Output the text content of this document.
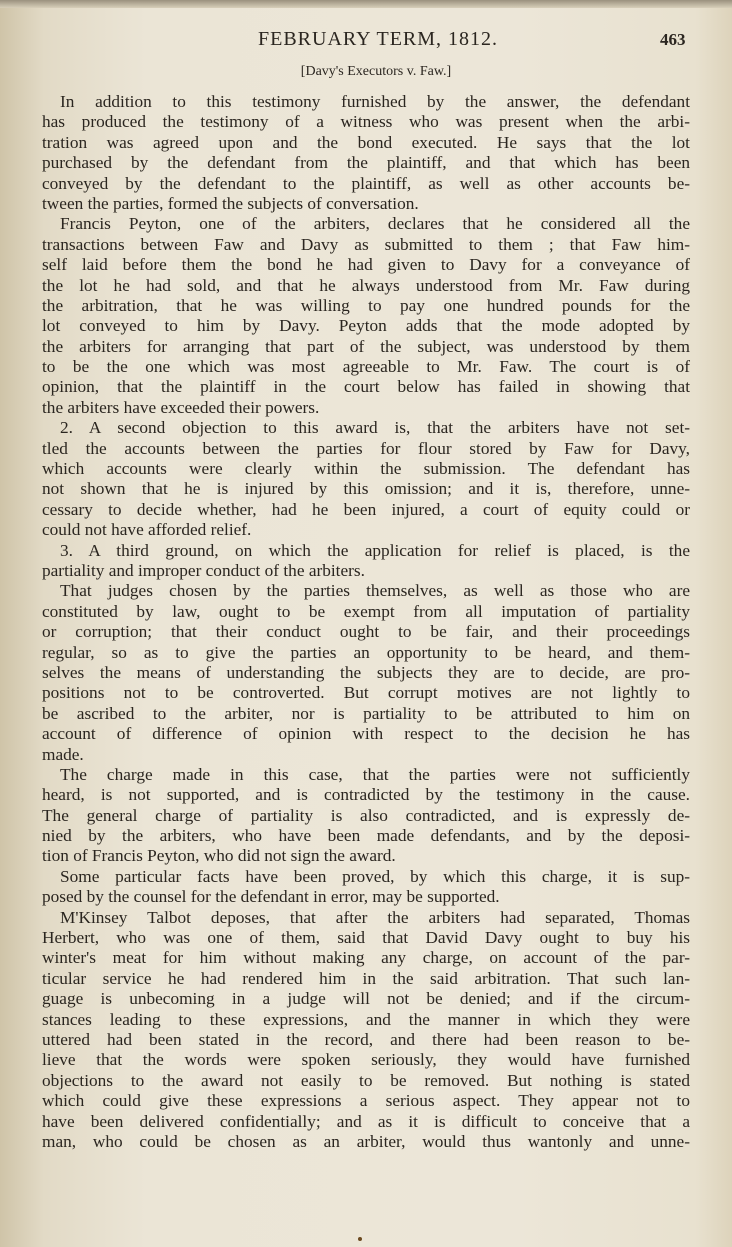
FEBRUARY TERM, 1812.	463
[Davy's Executors v. Faw.]
In addition to this testimony furnished by the answer, the defendant
has produced the testimony of a witness who was present when the arbi-
tration was agreed upon and the bond executed. He says that the lot
purchased by the defendant from the plaintiff, and that which has been
conveyed by the defendant to the plaintiff, as well as other accounts be-
tween the parties, formed the subjects of conversation.
Francis Peyton, one of the arbiters, declares that he considered all the
transactions between Faw and Davy as submitted to them ; that Faw him-
self laid before them the bond he had given to Davy for a conveyance of
the lot he had sold, and that he always understood from Mr. Faw during
the arbitration, that he was willing to pay one hundred pounds for the
lot conveyed to him by Davy. Peyton adds that the mode adopted by
the arbiters for arranging that part of the subject, was understood by them
to be the one which was most agreeable to Mr. Faw. The court is of
opinion, that the plaintiff in the court below has failed in showing that
the arbiters have exceeded their powers.
2. A second objection to this award is, that the arbiters have not set-
tled the accounts between the parties for flour stored by Faw for Davy,
which accounts were clearly within the submission. The defendant has
not shown that he is injured by this omission; and it is, therefore, unne-
cessary to decide whether, had he been injured, a court of equity could or
could not have afforded relief.
3. A third ground, on which the application for relief is placed, is the
partiality and improper conduct of the arbiters.
That judges chosen by the parties themselves, as well as those who are
constituted by law, ought to be exempt from all imputation of partiality
or corruption; that their conduct ought to be fair, and their proceedings
regular, so as to give the parties an opportunity to be heard, and them-
selves the means of understanding the subjects they are to decide, are pro-
positions not to be controverted. But corrupt motives are not lightly to
be ascribed to the arbiter, nor is partiality to be attributed to him on
account of difference of opinion with respect to the decision he has
made.
The charge made in this case, that the parties were not sufficiently
heard, is not supported, and is contradicted by the testimony in the cause.
The general charge of partiality is also contradicted, and is expressly de-
nied by the arbiters, who have been made defendants, and by the deposi-
tion of Francis Peyton, who did not sign the award.
Some particular facts have been proved, by which this charge, it is sup-
posed by the counsel for the defendant in error, may be supported.
M'Kinsey Talbot deposes, that after the arbiters had separated, Thomas
Herbert, who was one of them, said that David Davy ought to buy his
winter's meat for him without making any charge, on account of the par-
ticular service he had rendered him in the said arbitration. That such lan-
guage is unbecoming in a judge will not be denied; and if the circum-
stances leading to these expressions, and the manner in which they were
uttered had been stated in the record, and there had been reason to be-
lieve that the words were spoken seriously, they would have furnished
objections to the award not easily to be removed. But nothing is stated
which could give these expressions a serious aspect. They appear not to
have been delivered confidentially; and as it is difficult to conceive that a
man, who could be chosen as an arbiter, would thus wantonly and unne-
